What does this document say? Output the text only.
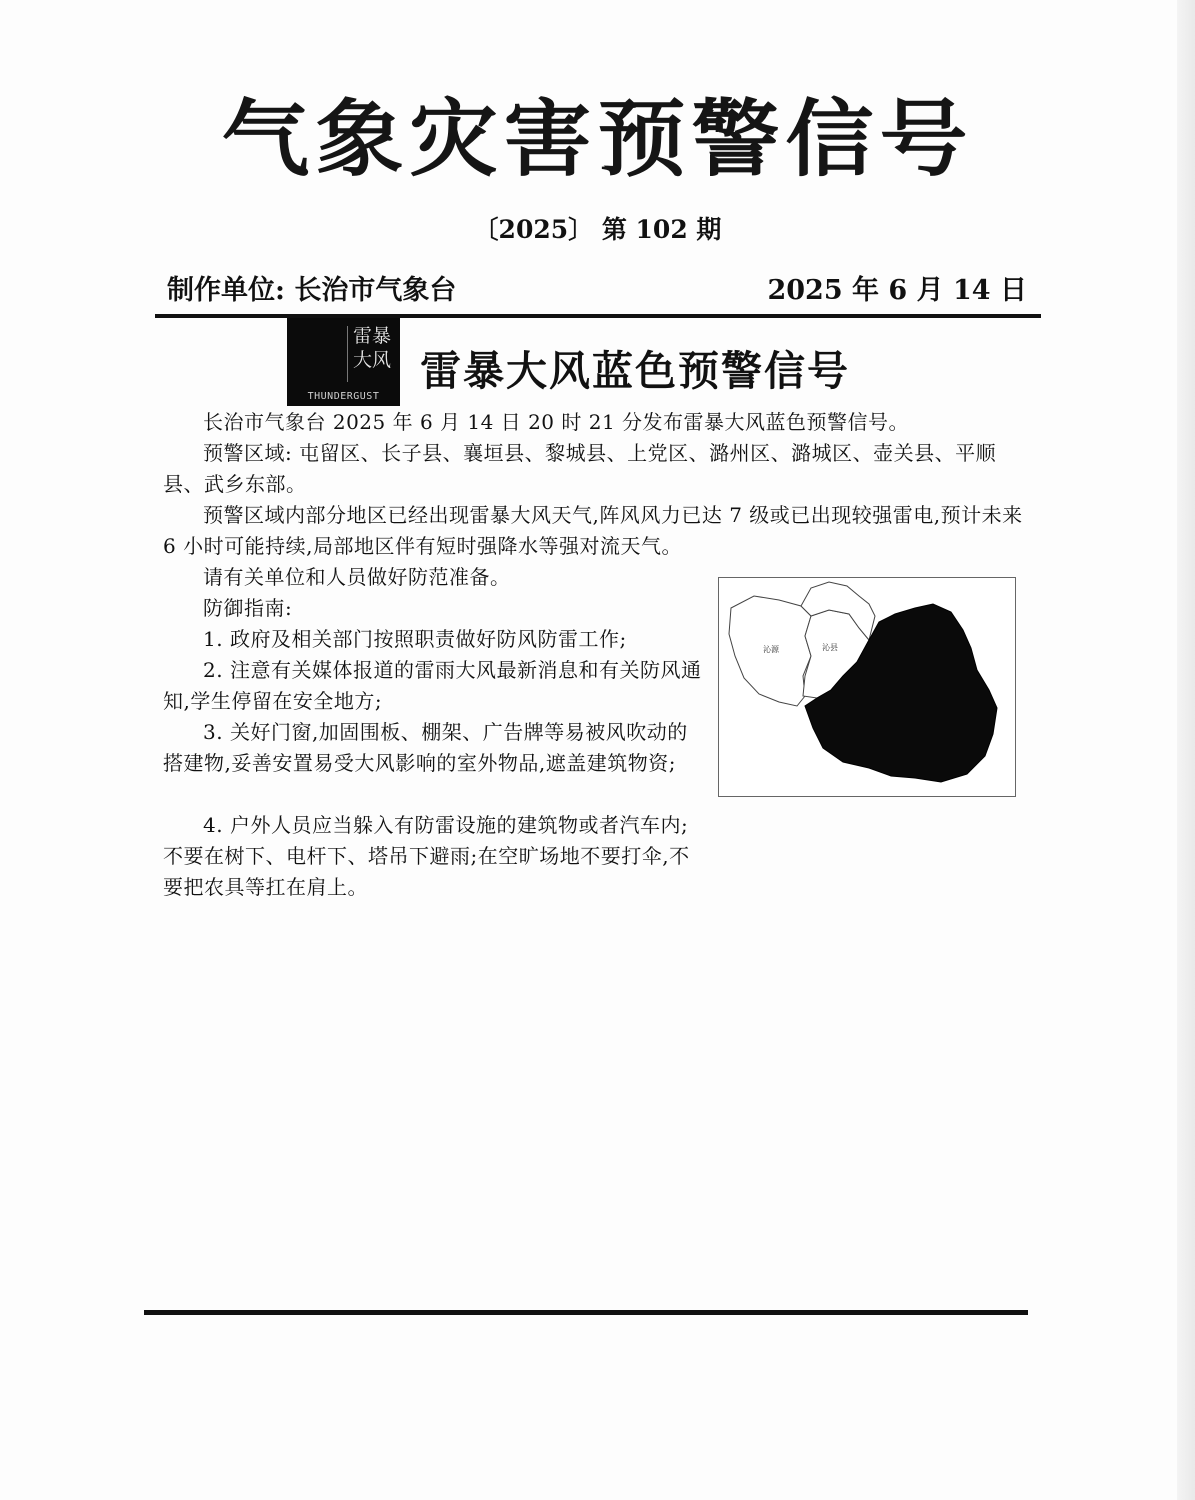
气象灾害预警信号
〔2025〕 第 102 期
制作单位: 长治市气象台	2025 年 6 月 14 日
雷暴
大风
THUNDERGUST
雷暴大风蓝色预警信号

长治市气象台 2025 年 6 月 14 日 20 时 21 分发布雷暴大风蓝色预警信号。

预警区域: 屯留区、长子县、襄垣县、黎城县、上党区、潞州区、潞城区、壶关县、平顺县、武乡东部。

预警区域内部分地区已经出现雷暴大风天气,阵风风力已达 7 级或已出现较强雷电,预计未来 6 小时可能持续,局部地区伴有短时强降水等强对流天气。

请有关单位和人员做好防范准备。

防御指南:

1. 政府及相关部门按照职责做好防风防雷工作;

2. 注意有关媒体报道的雷雨大风最新消息和有关防风通知,学生停留在安全地方;

3. 关好门窗,加固围板、棚架、广告牌等易被风吹动的搭建物,妥善安置易受大风影响的室外物品,遮盖建筑物资;

4. 户外人员应当躲入有防雷设施的建筑物或者汽车内;不要在树下、电杆下、塔吊下避雨;在空旷场地不要打伞,不要把农具等扛在肩上。

沁源	沁县
